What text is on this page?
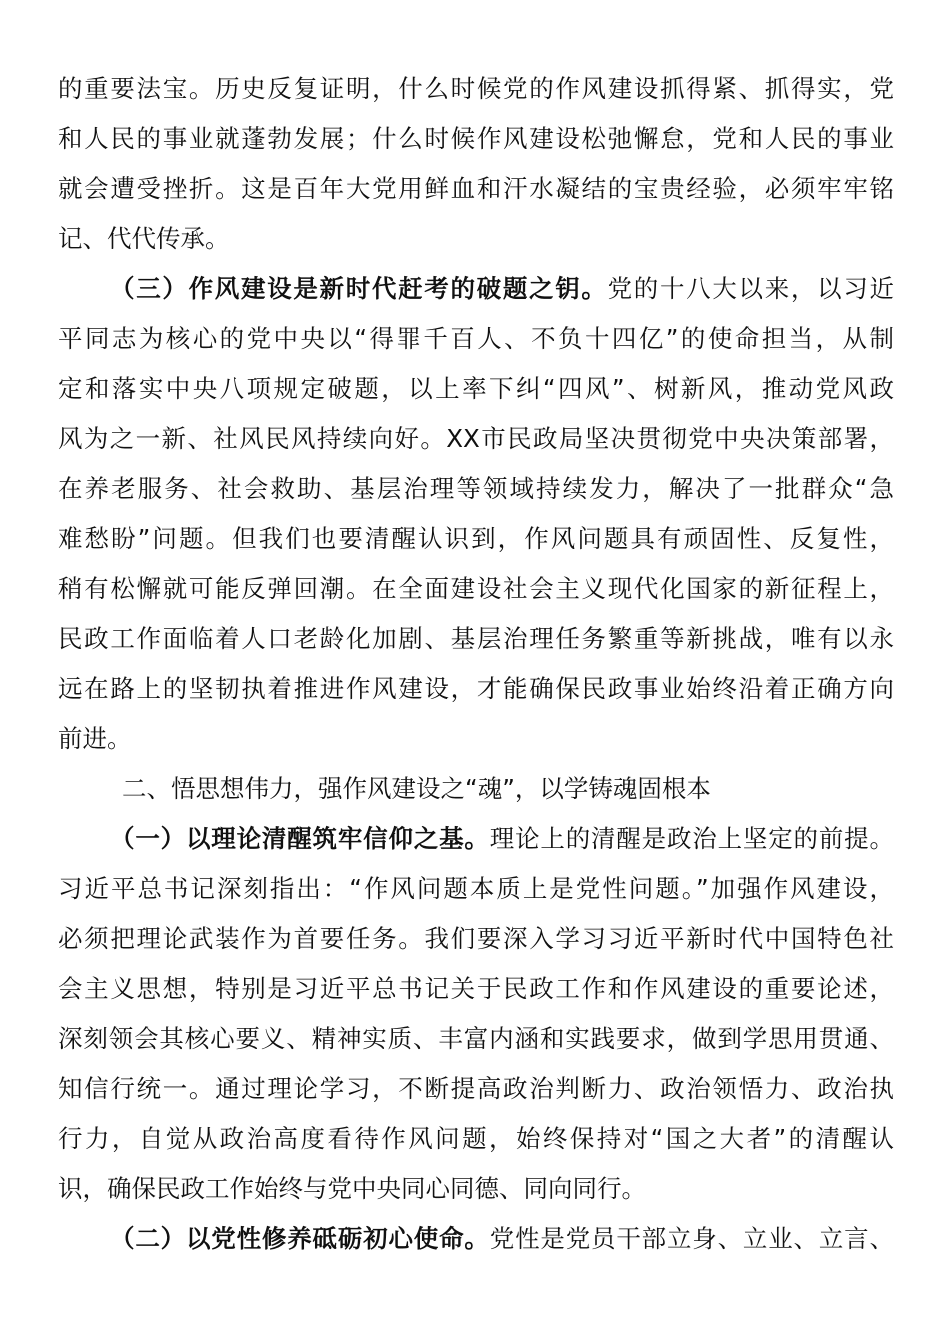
的重要法宝。历史反复证明，什么时候党的作风建设抓得紧、抓得实，党
和人民的事业就蓬勃发展；什么时候作风建设松弛懈怠，党和人民的事业
就会遭受挫折。这是百年大党用鲜血和汗水凝结的宝贵经验，必须牢牢铭
记、代代传承。
（三）作风建设是新时代赶考的破题之钥。党的十八大以来，以习近
平同志为核心的党中央以“得罪千百人、不负十四亿”的使命担当，从制
定和落实中央八项规定破题，以上率下纠“四风”、树新风，推动党风政
风为之一新、社风民风持续向好。XX市民政局坚决贯彻党中央决策部署，
在养老服务、社会救助、基层治理等领域持续发力，解决了一批群众“急
难愁盼”问题。但我们也要清醒认识到，作风问题具有顽固性、反复性，
稍有松懈就可能反弹回潮。在全面建设社会主义现代化国家的新征程上，
民政工作面临着人口老龄化加剧、基层治理任务繁重等新挑战，唯有以永
远在路上的坚韧执着推进作风建设，才能确保民政事业始终沿着正确方向
前进。
二、悟思想伟力，强作风建设之“魂”，以学铸魂固根本
（一）以理论清醒筑牢信仰之基。理论上的清醒是政治上坚定的前提。
习近平总书记深刻指出：“作风问题本质上是党性问题。”加强作风建设，
必须把理论武装作为首要任务。我们要深入学习习近平新时代中国特色社
会主义思想，特别是习近平总书记关于民政工作和作风建设的重要论述，
深刻领会其核心要义、精神实质、丰富内涵和实践要求，做到学思用贯通、
知信行统一。通过理论学习，不断提高政治判断力、政治领悟力、政治执
行力，自觉从政治高度看待作风问题，始终保持对“国之大者”的清醒认
识，确保民政工作始终与党中央同心同德、同向同行。
（二）以党性修养砥砺初心使命。党性是党员干部立身、立业、立言、
